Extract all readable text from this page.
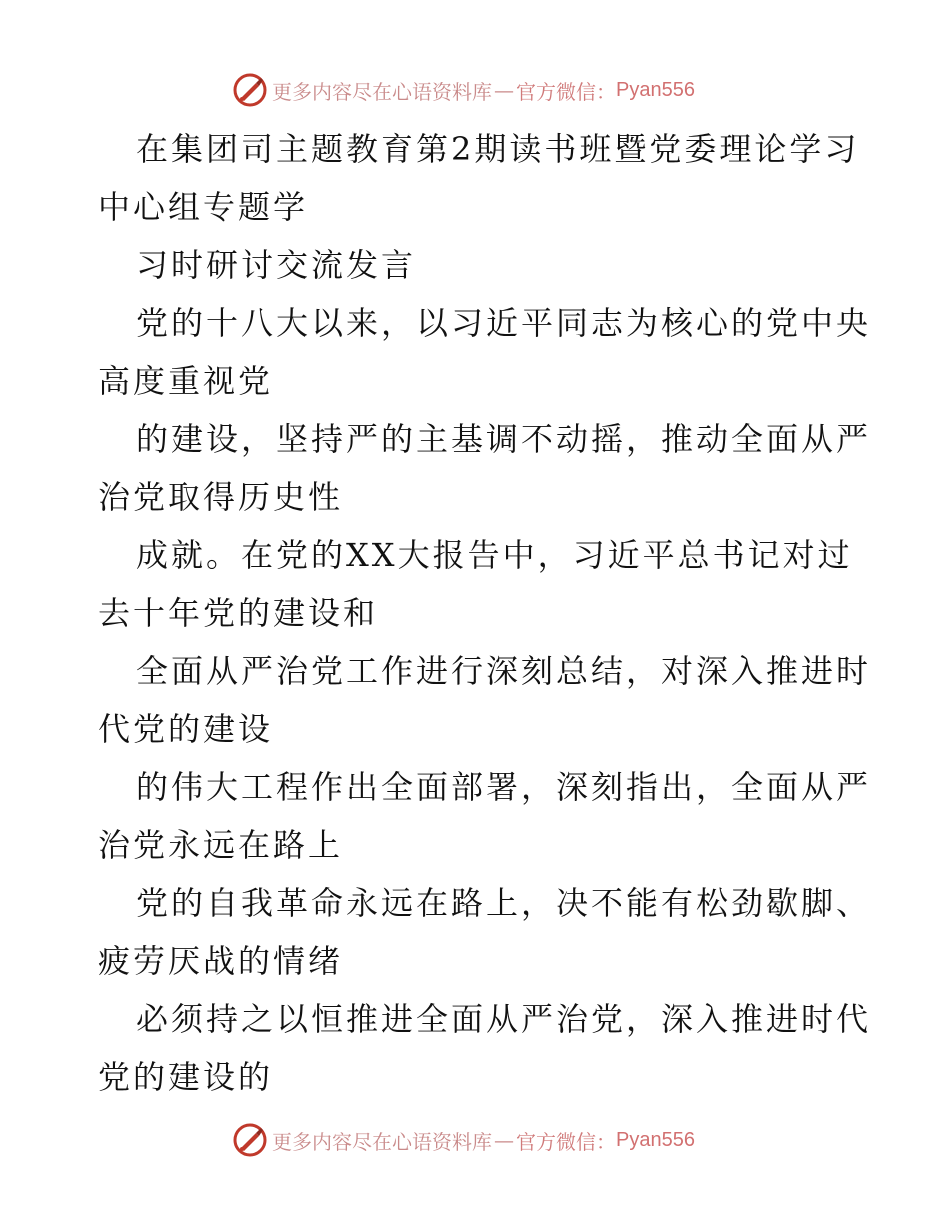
更多内容尽在心语资料库 — 官方微信： Pyan556
在集团司主题教育第2期读书班暨党委理论学习
中心组专题学
习时研讨交流发言
党的十八大以来，以习近平同志为核心的党中央
高度重视党
的建设，坚持严的主基调不动摇，推动全面从严
治党取得历史性
成就。在党的XX大报告中，习近平总书记对过
去十年党的建设和
全面从严治党工作进行深刻总结，对深入推进时
代党的建设
的伟大工程作出全面部署，深刻指出，全面从严
治党永远在路上
党的自我革命永远在路上，决不能有松劲歇脚、
疲劳厌战的情绪
必须持之以恒推进全面从严治党，深入推进时代
党的建设的
更多内容尽在心语资料库 — 官方微信： Pyan556
